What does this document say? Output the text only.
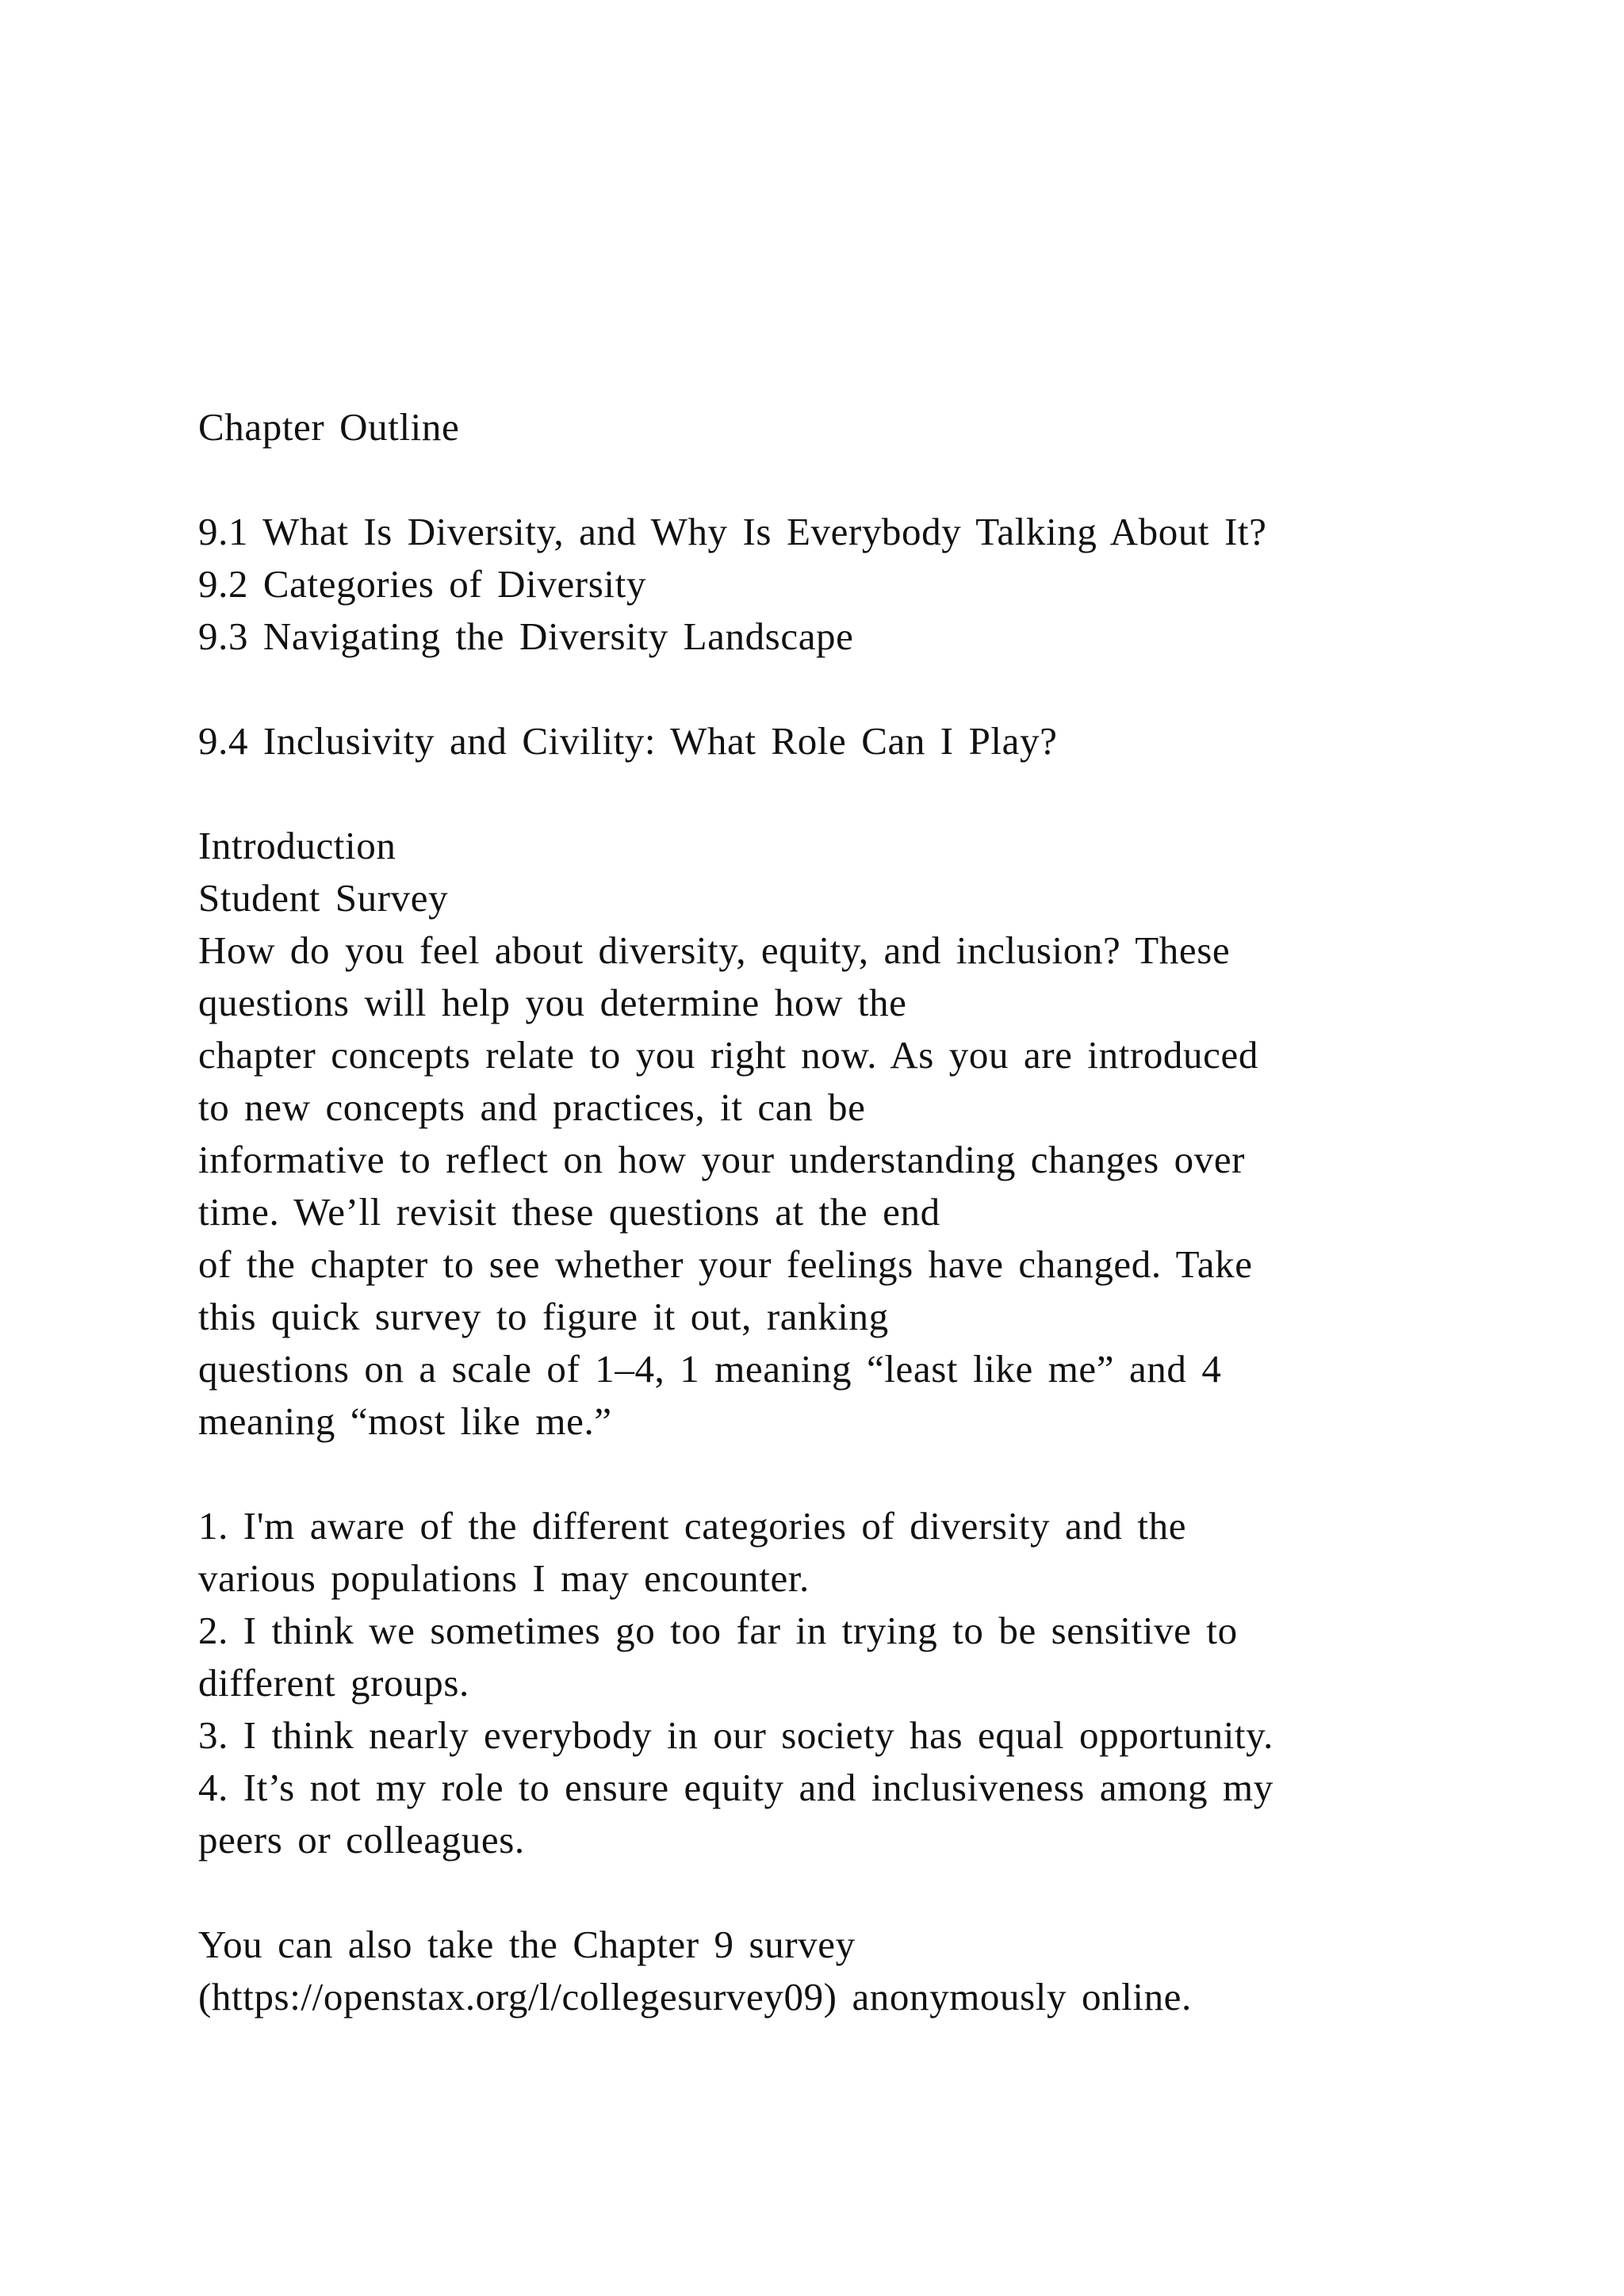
Chapter Outline
9.1 What Is Diversity, and Why Is Everybody Talking About It?
9.2 Categories of Diversity
9.3 Navigating the Diversity Landscape
9.4 Inclusivity and Civility: What Role Can I Play?
Introduction
Student Survey
How do you feel about diversity, equity, and inclusion? These
questions will help you determine how the
chapter concepts relate to you right now. As you are introduced
to new concepts and practices, it can be
informative to reflect on how your understanding changes over
time. We’ll revisit these questions at the end
of the chapter to see whether your feelings have changed. Take
this quick survey to figure it out, ranking
questions on a scale of 1–4, 1 meaning “least like me” and 4
meaning “most like me.”
1. I'm aware of the different categories of diversity and the
various populations I may encounter.
2. I think we sometimes go too far in trying to be sensitive to
different groups.
3. I think nearly everybody in our society has equal opportunity.
4. It’s not my role to ensure equity and inclusiveness among my
peers or colleagues.
You can also take the Chapter 9 survey
(https://openstax.org/l/collegesurvey09) anonymously online.
